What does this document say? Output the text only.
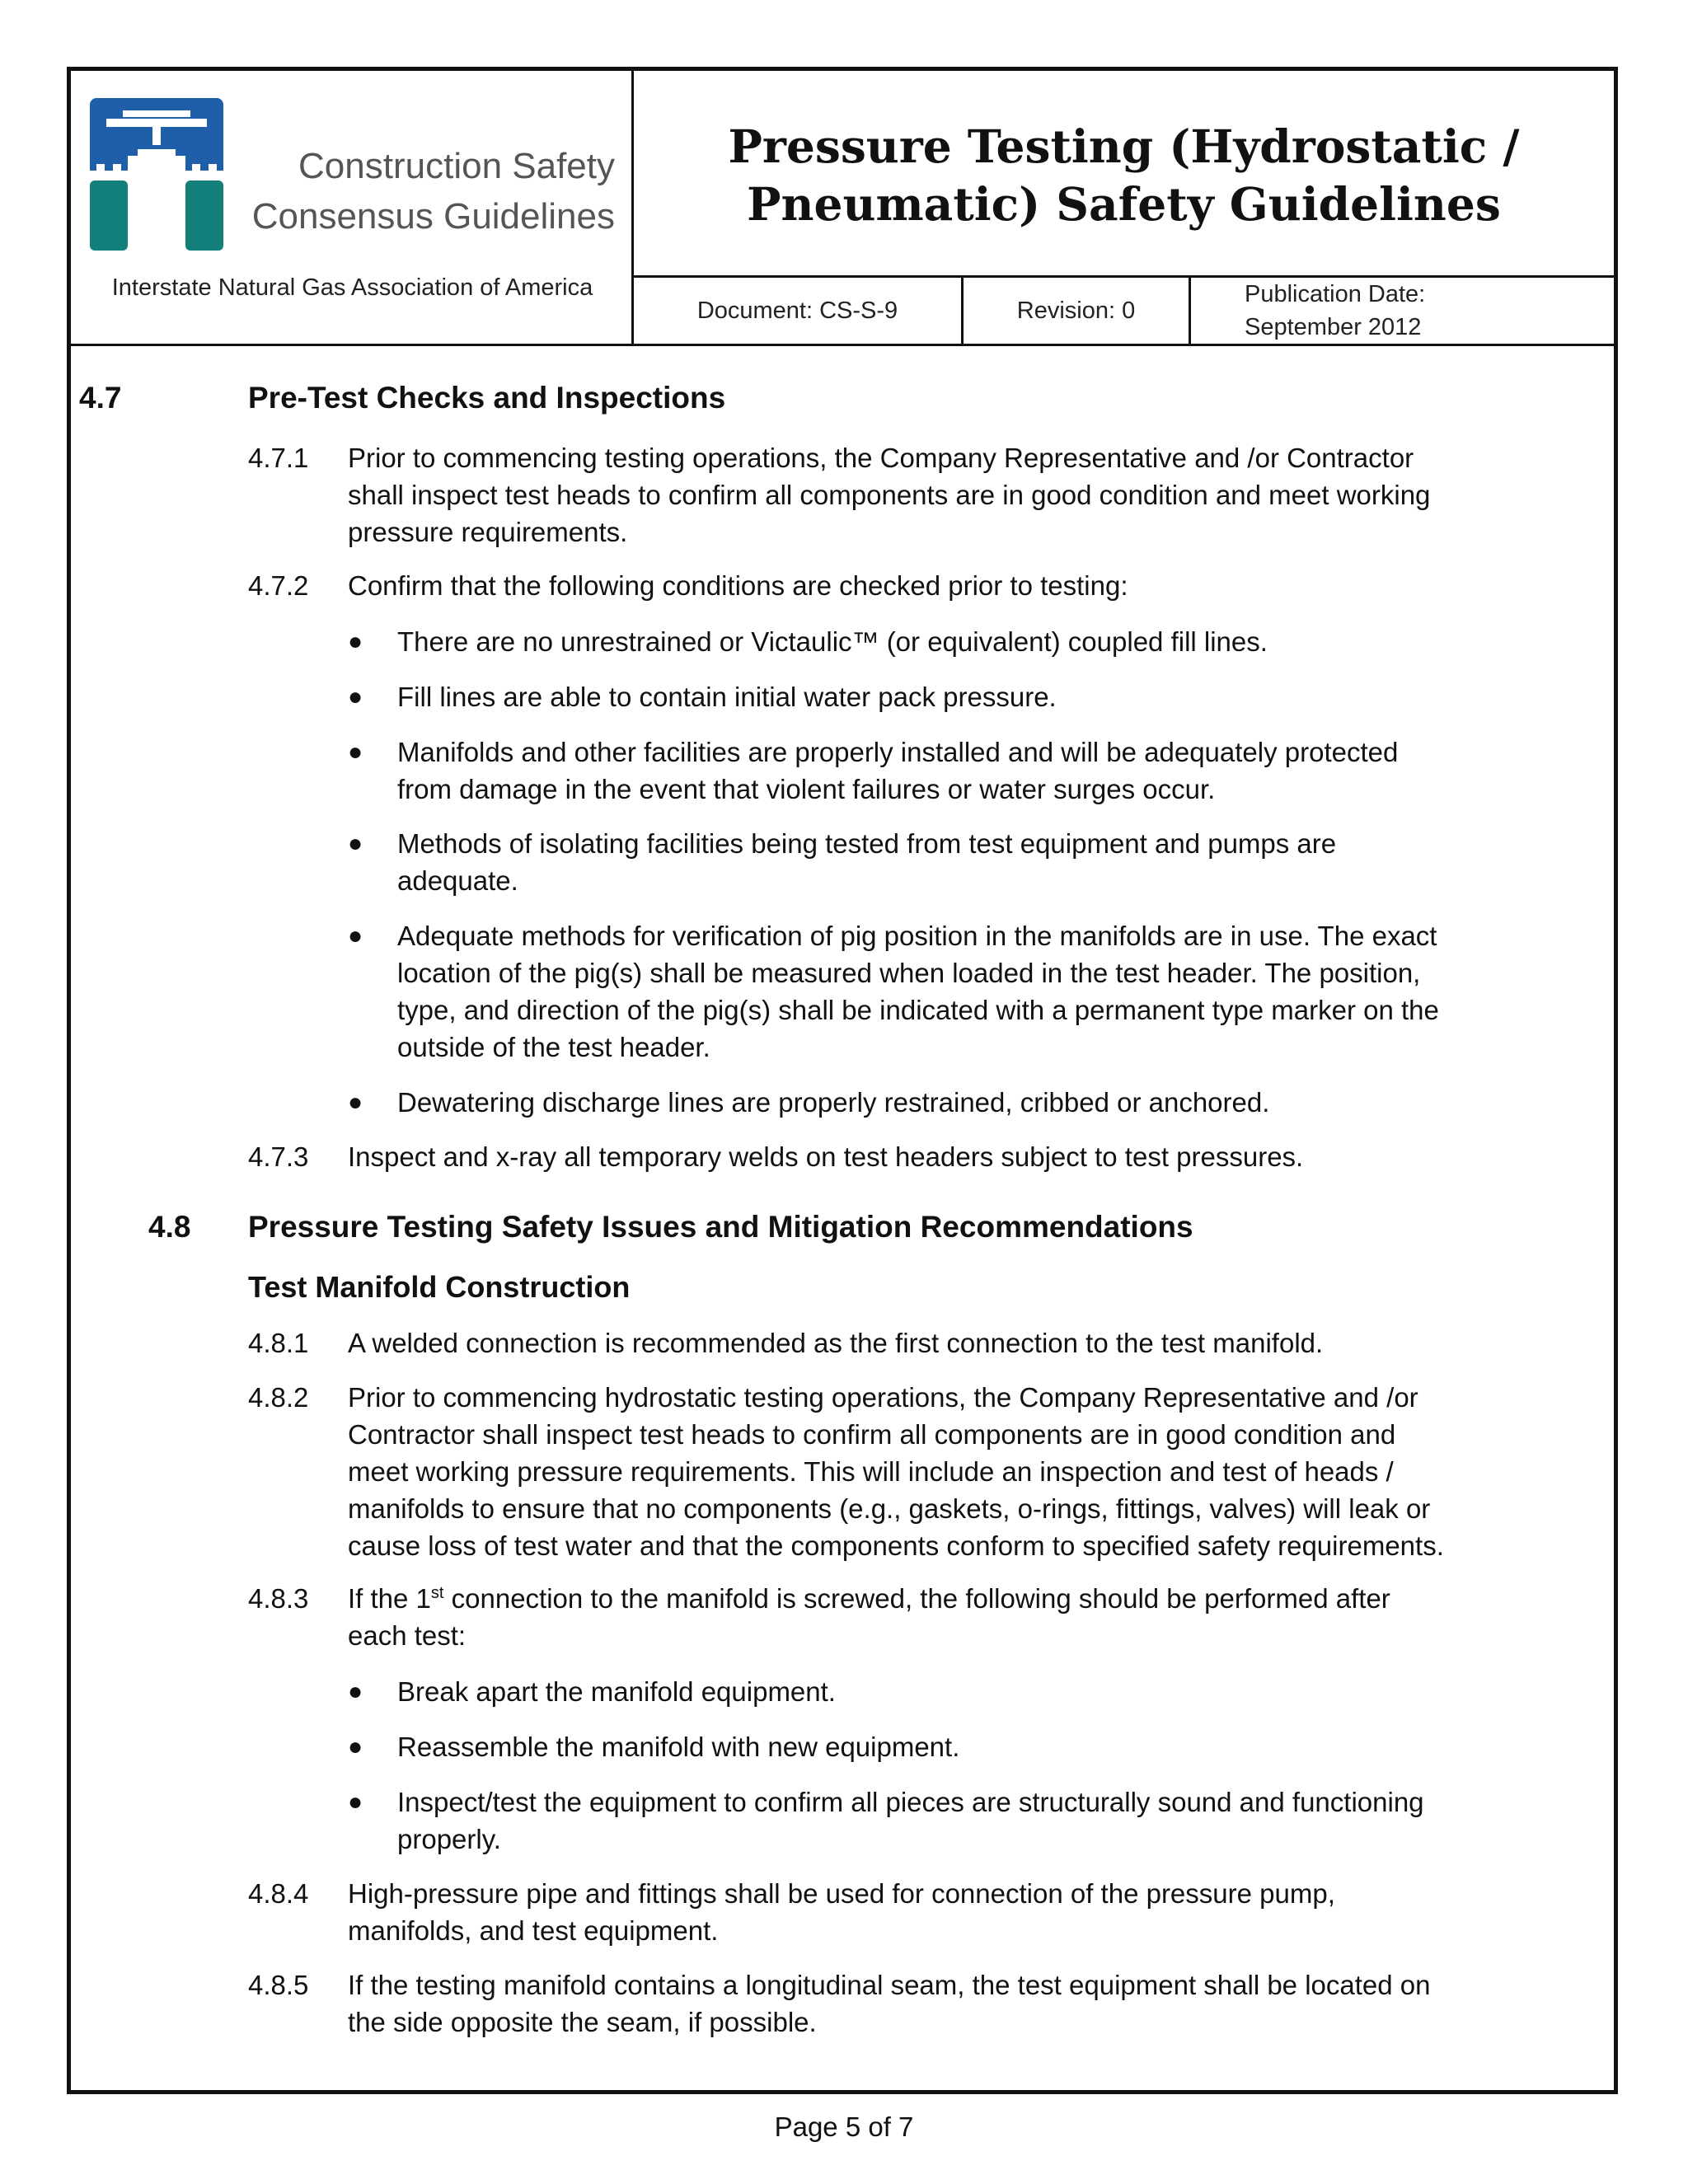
Construction Safety
Consensus Guidelines
Interstate Natural Gas Association of America
Pressure Testing (Hydrostatic /
Pneumatic) Safety Guidelines
Document: CS-S-9	Revision: 0
Publication Date:
September 2012
4.7	Pre-Test Checks and Inspections
4.7.1 Prior to commencing testing operations, the Company Representative and /or Contractor
shall inspect test heads to confirm all components are in good condition and meet working
pressure requirements.
4.7.2 Confirm that the following conditions are checked prior to testing:
● There are no unrestrained or Victaulic™ (or equivalent) coupled fill lines.
● Fill lines are able to contain initial water pack pressure.
● Manifolds and other facilities are properly installed and will be adequately protected
from damage in the event that violent failures or water surges occur.
● Methods of isolating facilities being tested from test equipment and pumps are
adequate.
● Adequate methods for verification of pig position in the manifolds are in use. The exact
location of the pig(s) shall be measured when loaded in the test header. The position,
type, and direction of the pig(s) shall be indicated with a permanent type marker on the
outside of the test header.
● Dewatering discharge lines are properly restrained, cribbed or anchored.
4.7.3 Inspect and x-ray all temporary welds on test headers subject to test pressures.
4.8 Pressure Testing Safety Issues and Mitigation Recommendations
Test Manifold Construction
4.8.1 A welded connection is recommended as the first connection to the test manifold.
4.8.2 Prior to commencing hydrostatic testing operations, the Company Representative and /or
Contractor shall inspect test heads to confirm all components are in good condition and
meet working pressure requirements. This will include an inspection and test of heads /
manifolds to ensure that no components (e.g., gaskets, o-rings, fittings, valves) will leak or
cause loss of test water and that the components conform to specified safety requirements.
4.8.3 If the 1st connection to the manifold is screwed, the following should be performed after
each test:
● Break apart the manifold equipment.
● Reassemble the manifold with new equipment.
● Inspect/test the equipment to confirm all pieces are structurally sound and functioning
properly.
4.8.4 High-pressure pipe and fittings shall be used for connection of the pressure pump,
manifolds, and test equipment.
4.8.5 If the testing manifold contains a longitudinal seam, the test equipment shall be located on
the side opposite the seam, if possible.
Page 5 of 7
